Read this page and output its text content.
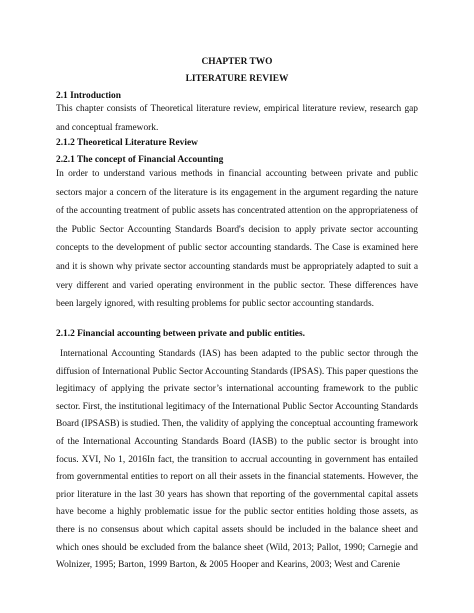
CHAPTER TWO
LITERATURE REVIEW
2.1 Introduction

This chapter consists of Theoretical literature review, empirical literature review, research gap and conceptual framework.

2.1.2 Theoretical Literature Review
2.2.1 The concept of Financial Accounting

In order to understand various methods in financial accounting between private and public sectors major a concern of the literature is its engagement in the argument regarding the nature of the accounting treatment of public assets has concentrated attention on the appropriateness of the Public Sector Accounting Standards Board's decision to apply private sector accounting concepts to the development of public sector accounting standards. The Case is examined here and it is shown why private sector accounting standards must be appropriately adapted to suit a very different and varied operating environment in the public sector. These differences have been largely ignored, with resulting problems for public sector accounting standards.

2.1.2 Financial accounting between private and public entities.

International Accounting Standards (IAS) has been adapted to the public sector through the diffusion of International Public Sector Accounting Standards (IPSAS). This paper questions the legitimacy of applying the private sector’s international accounting framework to the public sector. First, the institutional legitimacy of the International Public Sector Accounting Standards Board (IPSASB) is studied. Then, the validity of applying the conceptual accounting framework of the International Accounting Standards Board (IASB) to the public sector is brought into focus. XVI, No 1, 2016In fact, the transition to accrual accounting in government has entailed from governmental entities to report on all their assets in the financial statements. However, the prior literature in the last 30 years has shown that reporting of the governmental capital assets have become a highly problematic issue for the public sector entities holding those assets, as there is no consensus about which capital assets should be included in the balance sheet and which ones should be excluded from the balance sheet (Wild, 2013; Pallot, 1990; Carnegie and Wolnizer, 1995; Barton, 1999 Barton, & 2005 Hooper and Kearins, 2003; West and Carenie
